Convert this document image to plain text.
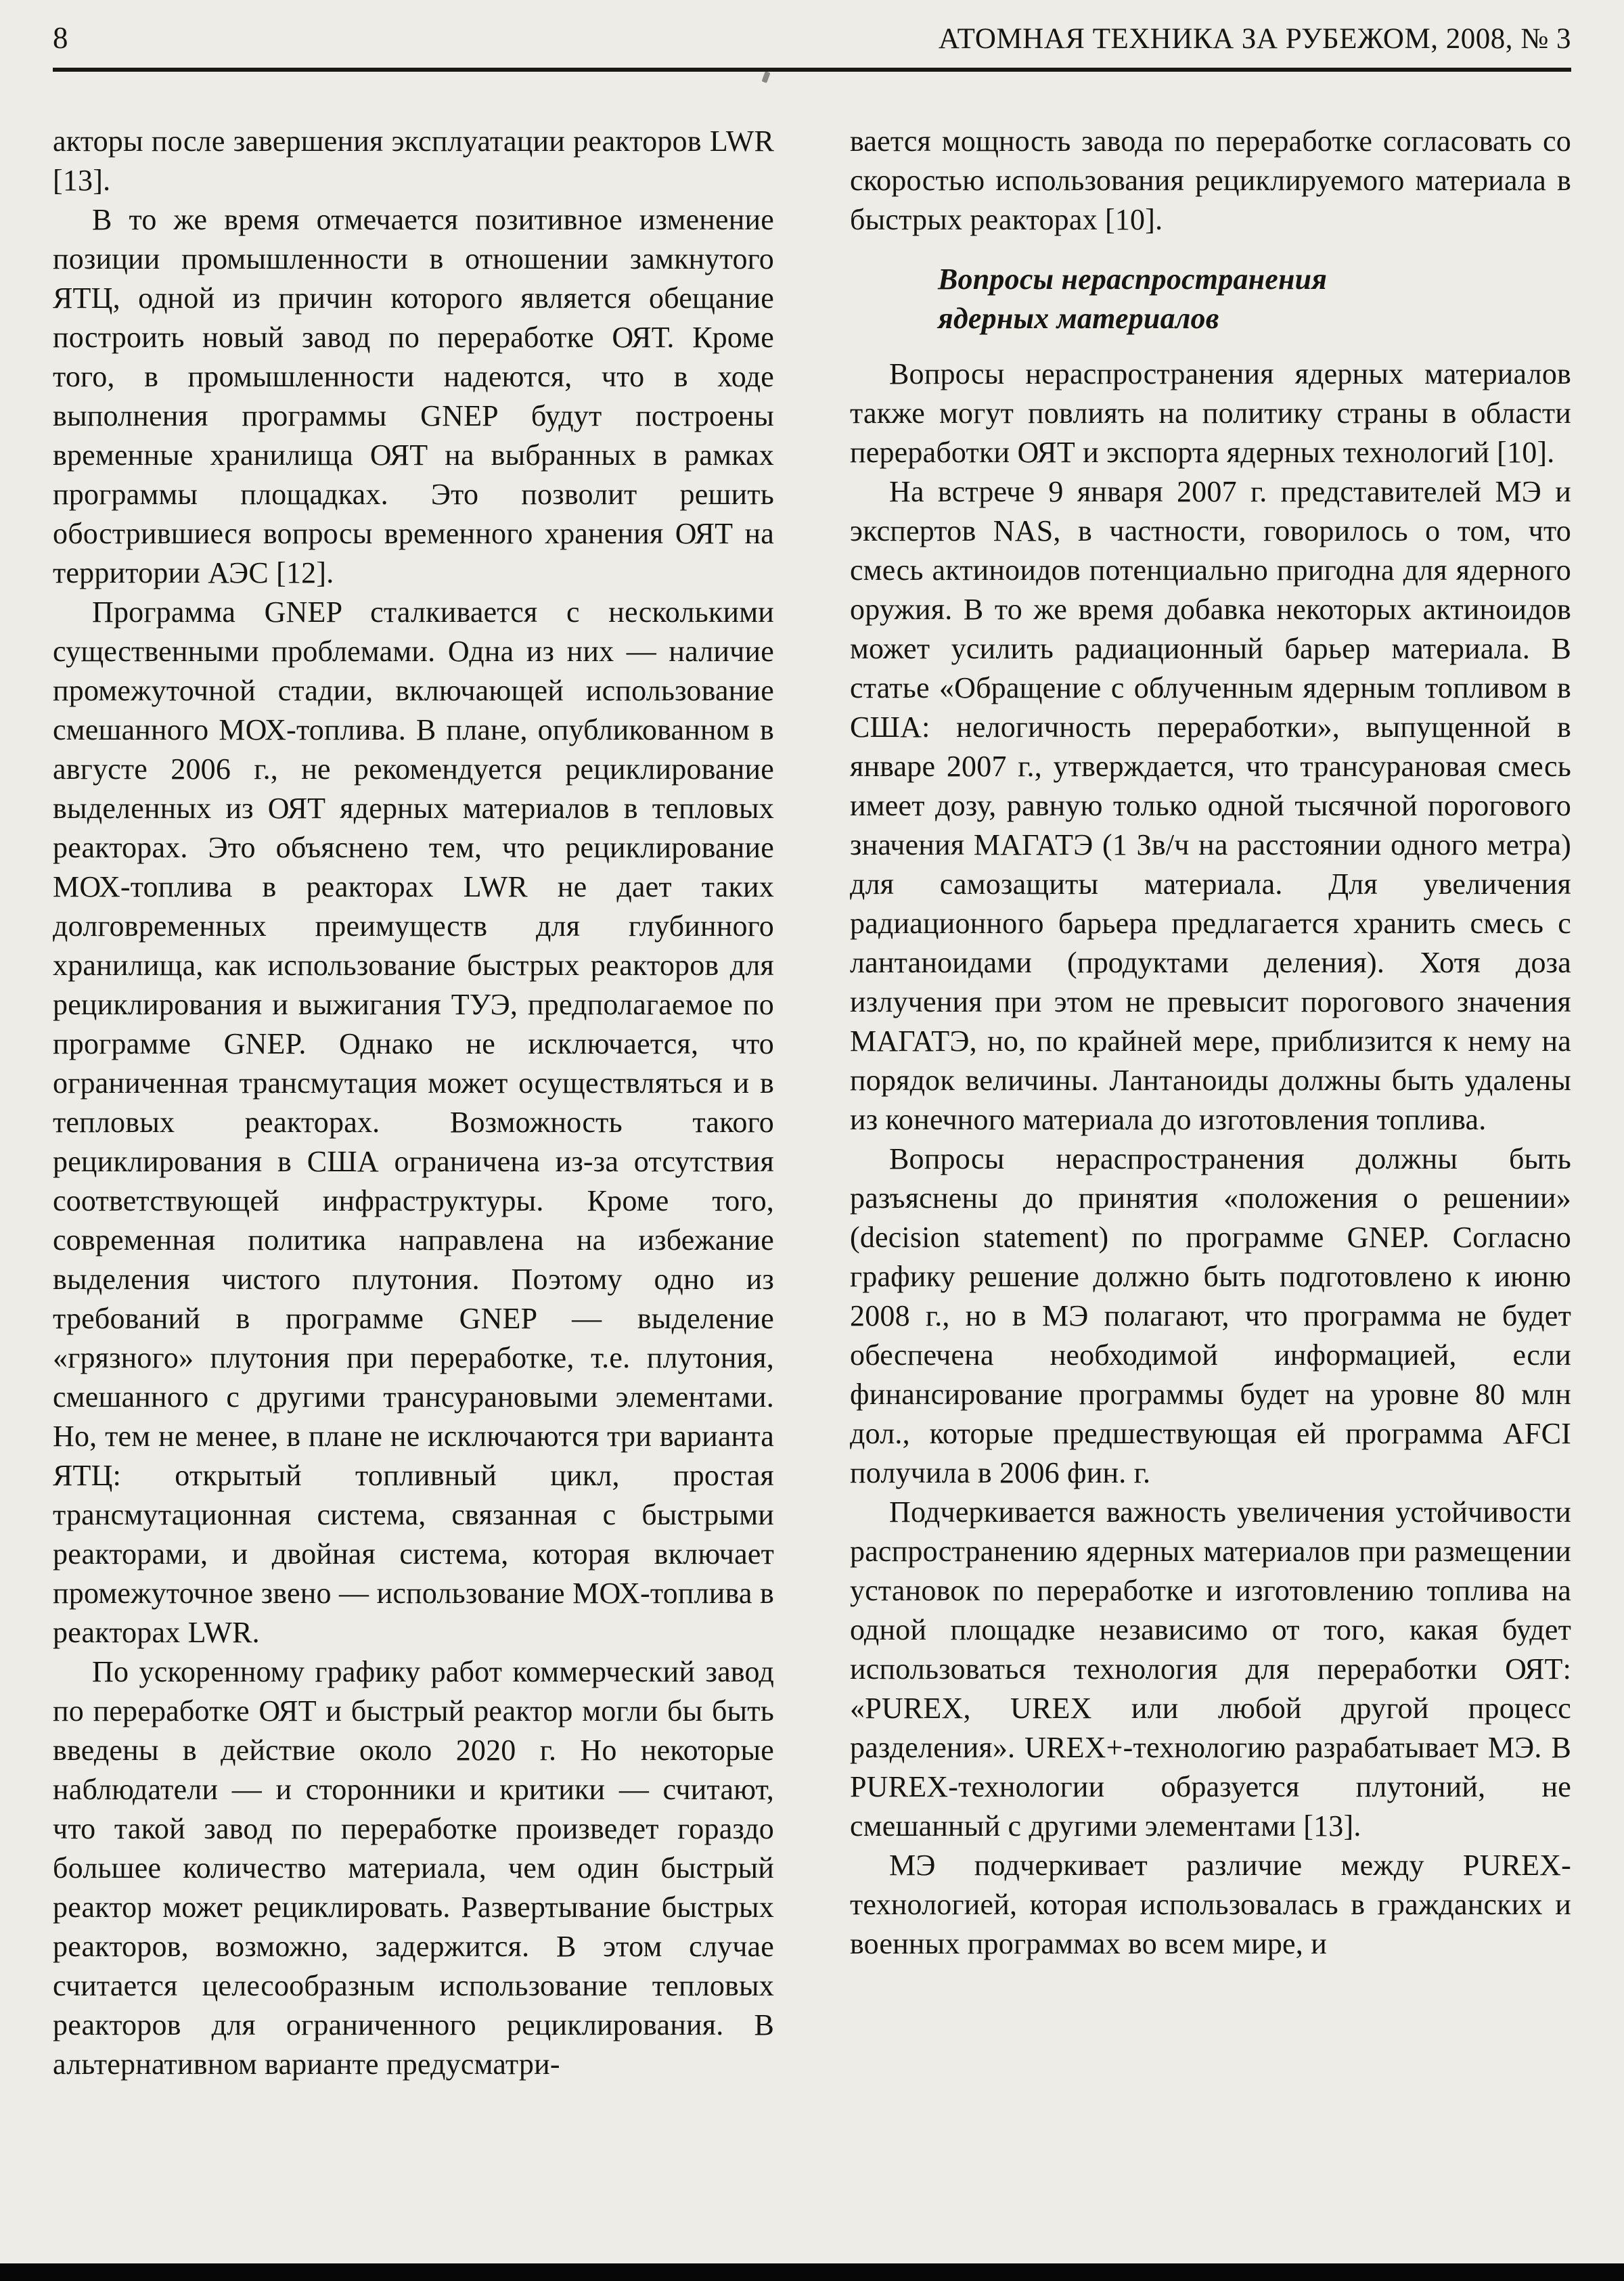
8	АТОМНАЯ ТЕХНИКА ЗА РУБЕЖОМ, 2008, № 3

акторы после завершения эксплуатации реакторов LWR [13].

В то же время отмечается позитивное изменение позиции промышленности в отношении замкнутого ЯТЦ, одной из причин которого является обещание построить новый завод по переработке ОЯТ. Кроме того, в промышленности надеются, что в ходе выполнения программы GNEP будут построены временные хранилища ОЯТ на выбранных в рамках программы площадках. Это позволит решить обострившиеся вопросы временного хранения ОЯТ на территории АЭС [12].

Программа GNEP сталкивается с несколькими существенными проблемами. Одна из них — наличие промежуточной стадии, включающей использование смешанного МОХ-топлива. В плане, опубликованном в августе 2006 г., не рекомендуется рециклирование выделенных из ОЯТ ядерных материалов в тепловых реакторах. Это объяснено тем, что рециклирование МОХ-топлива в реакторах LWR не дает таких долговременных преимуществ для глубинного хранилища, как использование быстрых реакторов для рециклирования и выжигания ТУЭ, предполагаемое по программе GNEP. Однако не исключается, что ограниченная трансмутация может осуществляться и в тепловых реакторах. Возможность такого рециклирования в США ограничена из-за отсутствия соответствующей инфраструктуры. Кроме того, современная политика направлена на избежание выделения чистого плутония. Поэтому одно из требований в программе GNEP — выделение «грязного» плутония при переработке, т.е. плутония, смешанного с другими трансурановыми элементами. Но, тем не менее, в плане не исключаются три варианта ЯТЦ: открытый топливный цикл, простая трансмутационная система, связанная с быстрыми реакторами, и двойная система, которая включает промежуточное звено — использование МОХ-топлива в реакторах LWR.

По ускоренному графику работ коммерческий завод по переработке ОЯТ и быстрый реактор могли бы быть введены в действие около 2020 г. Но некоторые наблюдатели — и сторонники и критики — считают, что такой завод по переработке произведет гораздо большее количество материала, чем один быстрый реактор может рециклировать. Развертывание быстрых реакторов, возможно, задержится. В этом случае считается целесообразным использование тепловых реакторов для ограниченного рециклирования. В альтернативном варианте предусматри-

вается мощность завода по переработке согласовать со скоростью использования рециклируемого материала в быстрых реакторах [10].

Вопросы нераспространения
ядерных материалов

Вопросы нераспространения ядерных материалов также могут повлиять на политику страны в области переработки ОЯТ и экспорта ядерных технологий [10].

На встрече 9 января 2007 г. представителей МЭ и экспертов NAS, в частности, говорилось о том, что смесь актиноидов потенциально пригодна для ядерного оружия. В то же время добавка некоторых актиноидов может усилить радиационный барьер материала. В статье «Обращение с облученным ядерным топливом в США: нелогичность переработки», выпущенной в январе 2007 г., утверждается, что трансурановая смесь имеет дозу, равную только одной тысячной порогового значения МАГАТЭ (1 Зв/ч на расстоянии одного метра) для самозащиты материала. Для увеличения радиационного барьера предлагается хранить смесь с лантаноидами (продуктами деления). Хотя доза излучения при этом не превысит порогового значения МАГАТЭ, но, по крайней мере, приблизится к нему на порядок величины. Лантаноиды должны быть удалены из конечного материала до изготовления топлива.

Вопросы нераспространения должны быть разъяснены до принятия «положения о решении» (decision statement) по программе GNEP. Согласно графику решение должно быть подготовлено к июню 2008 г., но в МЭ полагают, что программа не будет обеспечена необходимой информацией, если финансирование программы будет на уровне 80 млн дол., которые предшествующая ей программа AFCI получила в 2006 фин. г.

Подчеркивается важность увеличения устойчивости распространению ядерных материалов при размещении установок по переработке и изготовлению топлива на одной площадке независимо от того, какая будет использоваться технология для переработки ОЯТ: «PUREX, UREX или любой другой процесс разделения». UREX+-технологию разрабатывает МЭ. В PUREX-технологии образуется плутоний, не смешанный с другими элементами [13].

МЭ подчеркивает различие между PUREX-технологией, которая использовалась в гражданских и военных программах во всем мире, и
